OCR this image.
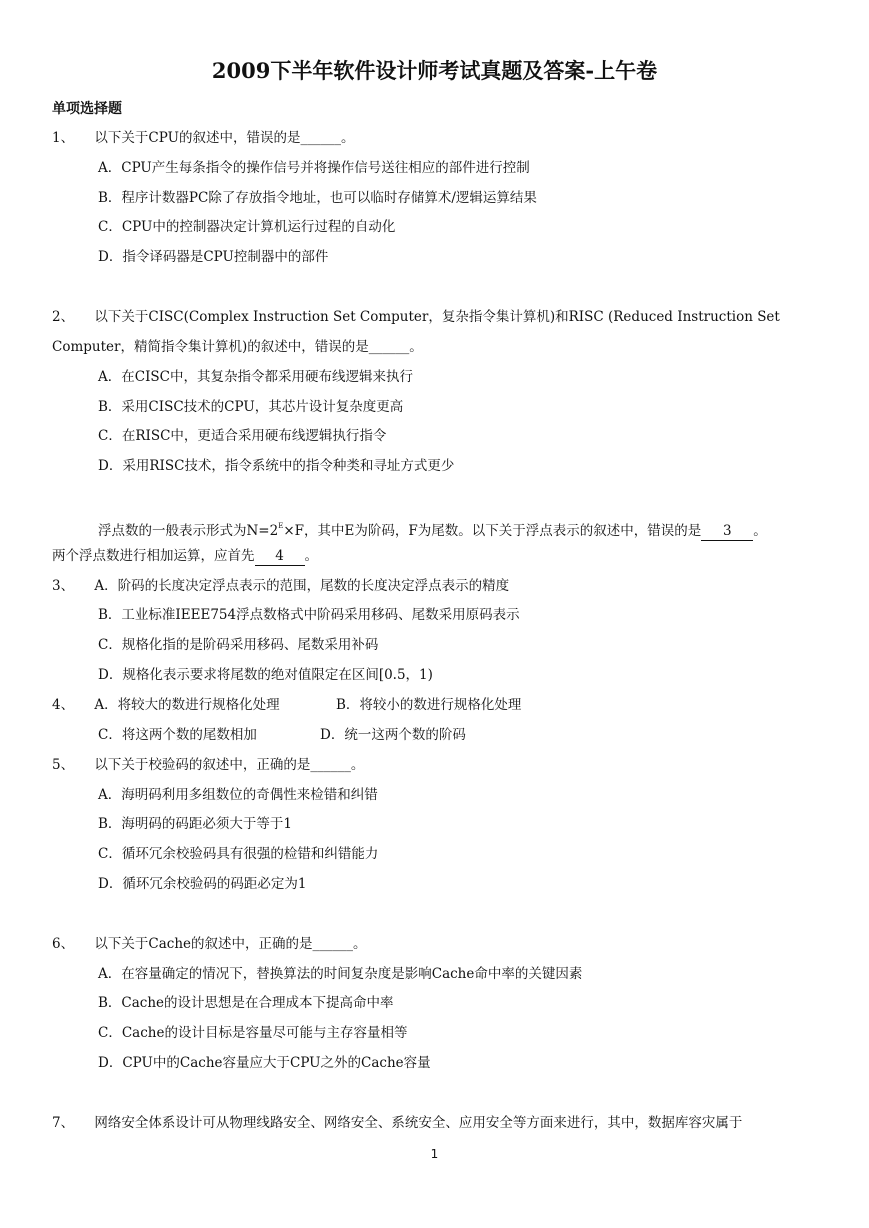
2009下半年软件设计师考试真题及答案-上午卷
单项选择题
1、 以下关于CPU的叙述中，错误的是______。
A．CPU产生每条指令的操作信号并将操作信号送往相应的部件进行控制
B．程序计数器PC除了存放指令地址，也可以临时存储算术/逻辑运算结果
C．CPU中的控制器决定计算机运行过程的自动化
D．指令译码器是CPU控制器中的部件
2、 以下关于CISC(Complex Instruction Set Computer，复杂指令集计算机)和RISC (Reduced Instruction Set
Computer，精简指令集计算机)的叙述中，错误的是______。
A．在CISC中，其复杂指令都采用硬布线逻辑来执行
B．采用CISC技术的CPU，其芯片设计复杂度更高
C．在RISC中，更适合采用硬布线逻辑执行指令
D．采用RISC技术，指令系统中的指令种类和寻址方式更少
浮点数的一般表示形式为$N=2^E\times F$，其中E为阶码，F为尾数。以下关于浮点表示的叙述中，错误的是 3 。
两个浮点数进行相加运算，应首先 4 。
3、 A．阶码的长度决定浮点表示的范围，尾数的长度决定浮点表示的精度
B．工业标准IEEE754浮点数格式中阶码采用移码、尾数采用原码表示
C．规格化指的是阶码采用移码、尾数采用补码
D．规格化表示要求将尾数的绝对值限定在区间[0.5，1)
4、 A．将较大的数进行规格化处理	B．将较小的数进行规格化处理
C．将这两个数的尾数相加	D．统一这两个数的阶码
5、 以下关于校验码的叙述中，正确的是______。
A．海明码利用多组数位的奇偶性来检错和纠错
B．海明码的码距必须大于等于1
C．循环冗余校验码具有很强的检错和纠错能力
D．循环冗余校验码的码距必定为1
6、 以下关于Cache的叙述中，正确的是______。
A．在容量确定的情况下，替换算法的时间复杂度是影响Cache命中率的关键因素
B．Cache的设计思想是在合理成本下提高命中率
C．Cache的设计目标是容量尽可能与主存容量相等
D．CPU中的Cache容量应大于CPU之外的Cache容量
7、 网络安全体系设计可从物理线路安全、网络安全、系统安全、应用安全等方面来进行，其中，数据库容灾属于
1
